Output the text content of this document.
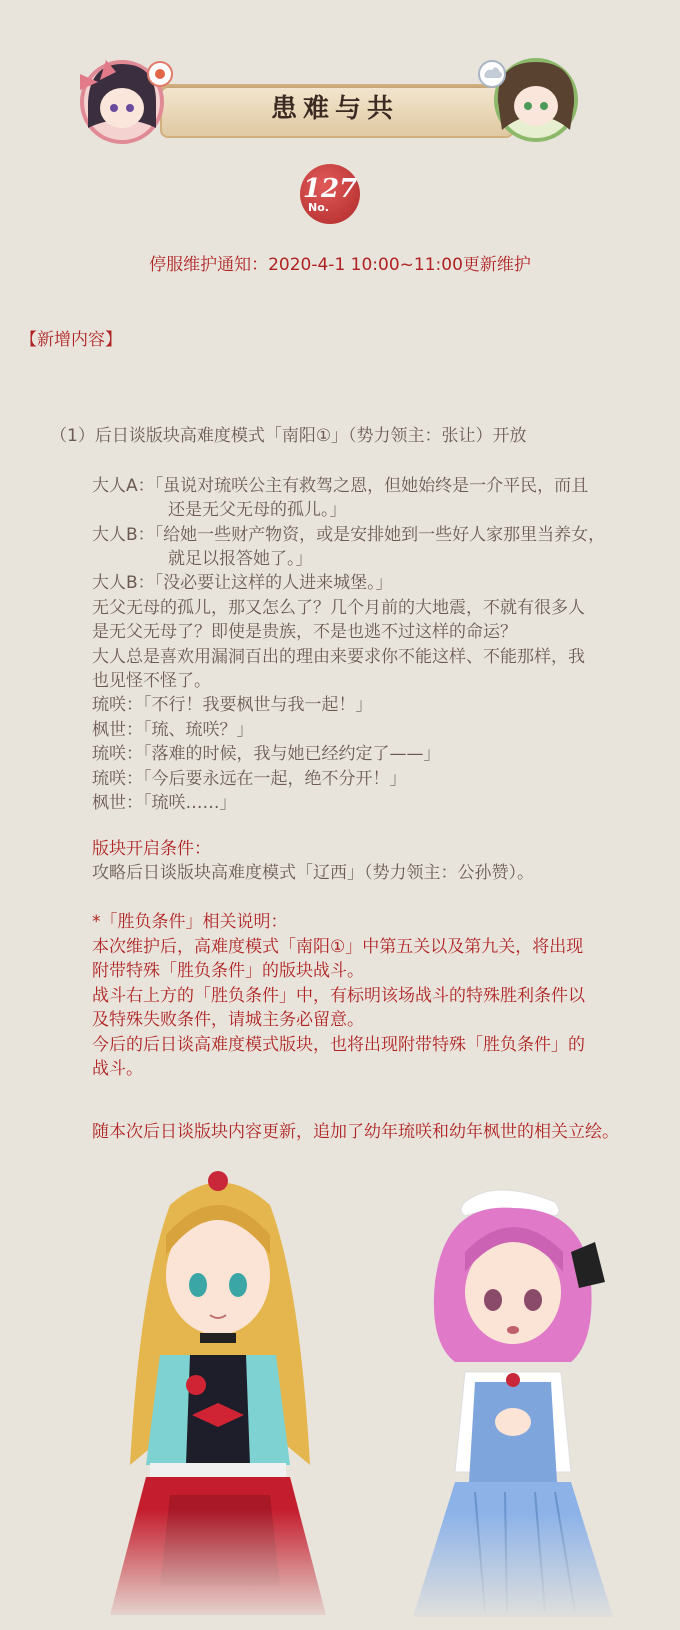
患难与共
127
No.
停服维护通知：2020-4-1 10:00~11:00更新维护
【新增内容】
（1）后日谈版块高难度模式「南阳①」（势力领主：张让）开放
大人A：「虽说对琉咲公主有救驾之恩，但她始终是一介平民，而且
还是无父无母的孤儿。」
大人B：「给她一些财产物资，或是安排她到一些好人家那里当养女，
就足以报答她了。」
大人B：「没必要让这样的人进来城堡。」
无父无母的孤儿，那又怎么了？几个月前的大地震，不就有很多人
是无父无母了？即使是贵族，不是也逃不过这样的命运？
大人总是喜欢用漏洞百出的理由来要求你不能这样、不能那样，我
也见怪不怪了。
琉咲：「不行！我要枫世与我一起！」
枫世：「琉、琉咲？」
琉咲：「落难的时候，我与她已经约定了——」
琉咲：「今后要永远在一起，绝不分开！」
枫世：「琉咲……」
版块开启条件：
攻略后日谈版块高难度模式「辽西」（势力领主：公孙赞）。
*「胜负条件」相关说明：
本次维护后，高难度模式「南阳①」中第五关以及第九关，将出现
附带特殊「胜负条件」的版块战斗。
战斗右上方的「胜负条件」中，有标明该场战斗的特殊胜利条件以
及特殊失败条件，请城主务必留意。
今后的后日谈高难度模式版块，也将出现附带特殊「胜负条件」的
战斗。
随本次后日谈版块内容更新，追加了幼年琉咲和幼年枫世的相关立绘。
